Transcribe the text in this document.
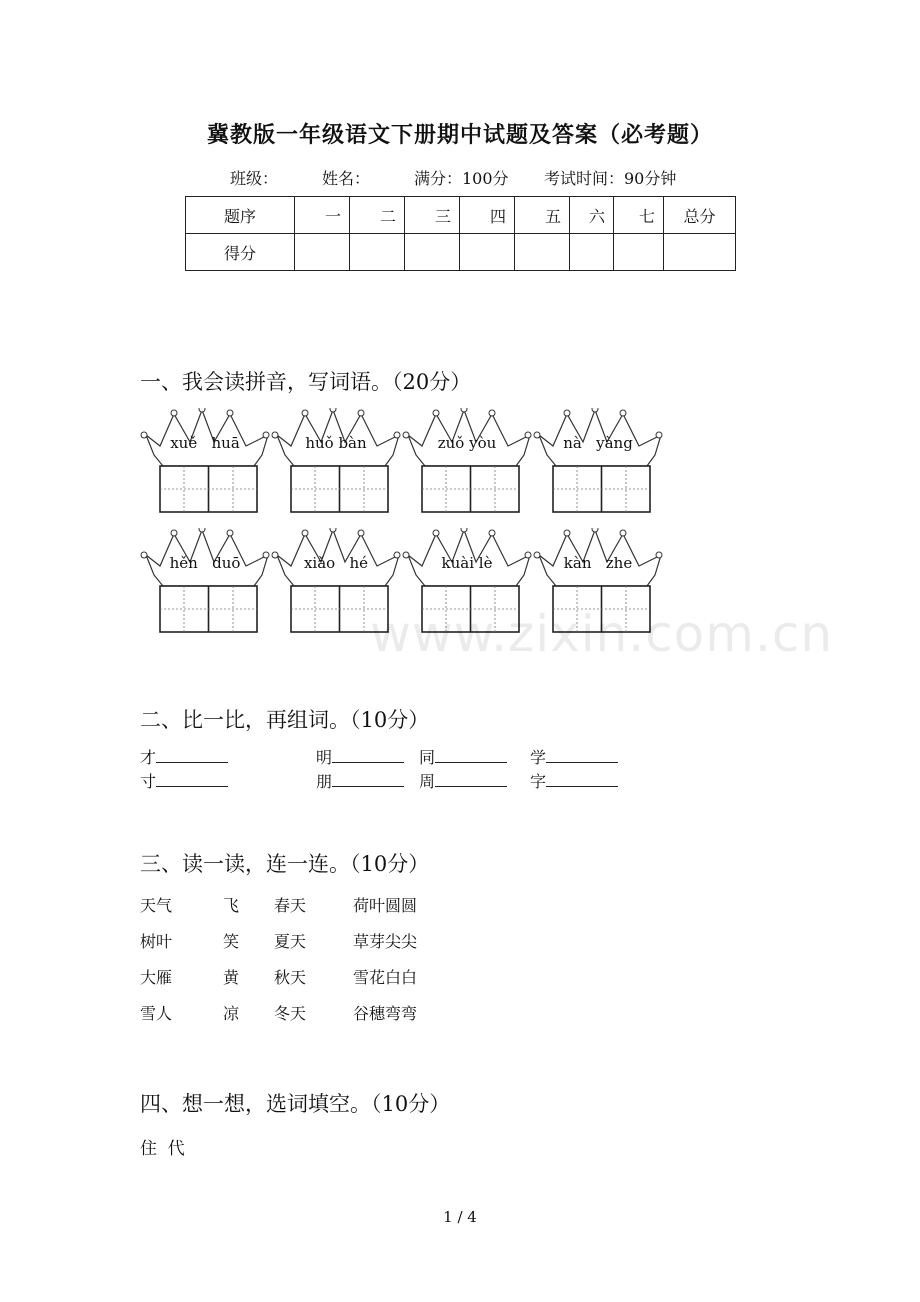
冀教版一年级语文下册期中试题及答案（必考题）
班级：	姓名：	满分：100分 考试时间：90分钟
题序	一	二	三	四	五	六	七	总分
得分								
一、我会读拼音，写词语。（20分）
xuě   huā	huǒ bàn	zuǒ yòu	nà   yàng
hěn   duō	xiǎo   hé	kuài lè	kàn   zhe
www.zixin.com.cn
二、比一比，再组词。（10分）
才	明	同	学
寸	朋	周	字
三、读一读，连一连。（10分）
天气	飞 春天	荷叶圆圆
树叶	笑 夏天	草芽尖尖
大雁	黄 秋天	雪花白白
雪人	凉 冬天	谷穗弯弯
四、想一想，选词填空。（10分）
住  代
1 / 4
